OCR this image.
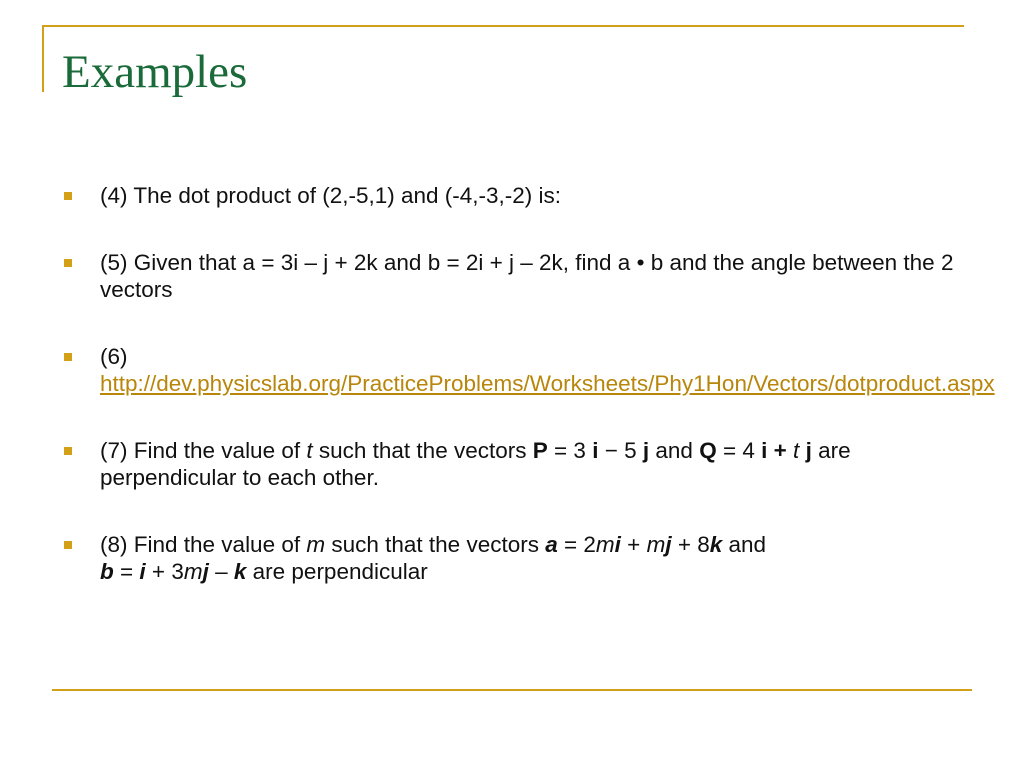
Examples
(4) The dot product of (2,-5,1) and (-4,-3,-2) is:
(5) Given that a = 3i – j + 2k and b = 2i + j – 2k, find a • b and the angle between the 2 vectors
(6)
http://dev.physicslab.org/PracticeProblems/Worksheets/Phy1Hon/Vectors/dotproduct.aspx
(7) Find the value of t such that the vectors P = 3 i − 5 j and Q = 4 i + t j are perpendicular to each other.
(8) Find the value of m such that the vectors a = 2mi + mj + 8k and
b = i + 3mj – k are perpendicular
